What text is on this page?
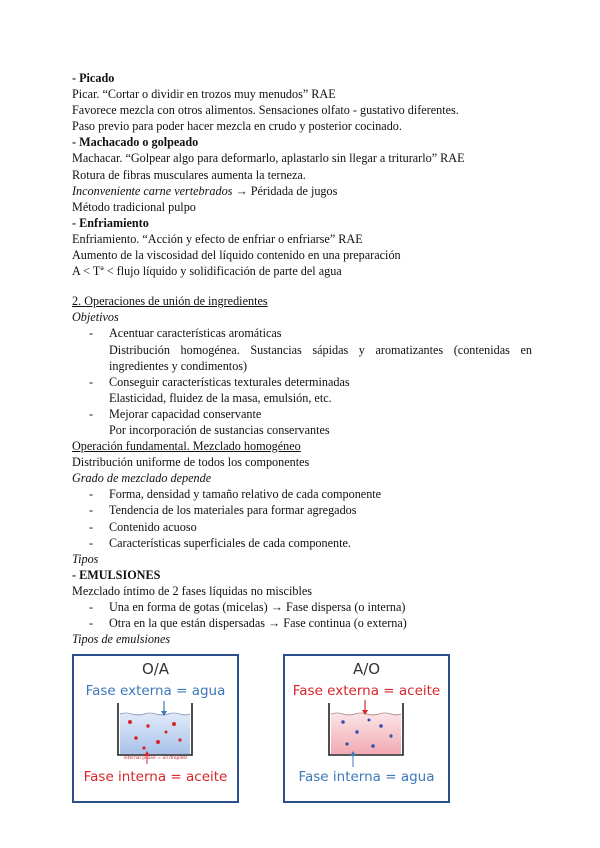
- Picado
Picar. “Cortar o dividir en trozos muy menudos” RAE
Favorece mezcla con otros alimentos. Sensaciones olfato - gustativo diferentes.
Paso previo para poder hacer mezcla en crudo y posterior cocinado.
- Machacado o golpeado
Machacar. “Golpear algo para deformarlo, aplastarlo sin llegar a triturarlo” RAE
Rotura de fibras musculares aumenta la terneza.
Inconveniente carne vertebrados → Péridada de jugos
Método tradicional pulpo
- Enfriamiento
Enfriamiento. “Acción y efecto de enfriar o enfriarse” RAE
Aumento de la viscosidad del líquido contenido en una preparación
A < Tª < flujo líquido y solidificación de parte del agua
2. Operaciones de unión de ingredientes
Objetivos
- Acentuar características aromáticas
Distribución homogénea. Sustancias sápidas y aromatizantes (contenidas en
ingredientes y condimentos)
- Conseguir características texturales determinadas
Elasticidad, fluidez de la masa, emulsión, etc.
- Mejorar capacidad conservante
Por incorporación de sustancias conservantes
Operación fundamental. Mezclado homogéneo
Distribución uniforme de todos los componentes
Grado de mezclado depende
- Forma, densidad y tamaño relativo de cada componente
- Tendencia de los materiales para formar agregados
- Contenido acuoso
- Características superficiales de cada componente.
Tipos
- EMULSIONES
Mezclado íntimo de 2 fases líquidas no miscibles
- Una en forma de gotas (micelas) → Fase dispersa (o interna)
- Otra en la que están dispersadas → Fase continua (o externa)
Tipos de emulsiones
O/A
Fase externa = agua
internal phase = oil droplets
Fase interna = aceite
A/O
Fase externa = aceite
Fase interna = agua
